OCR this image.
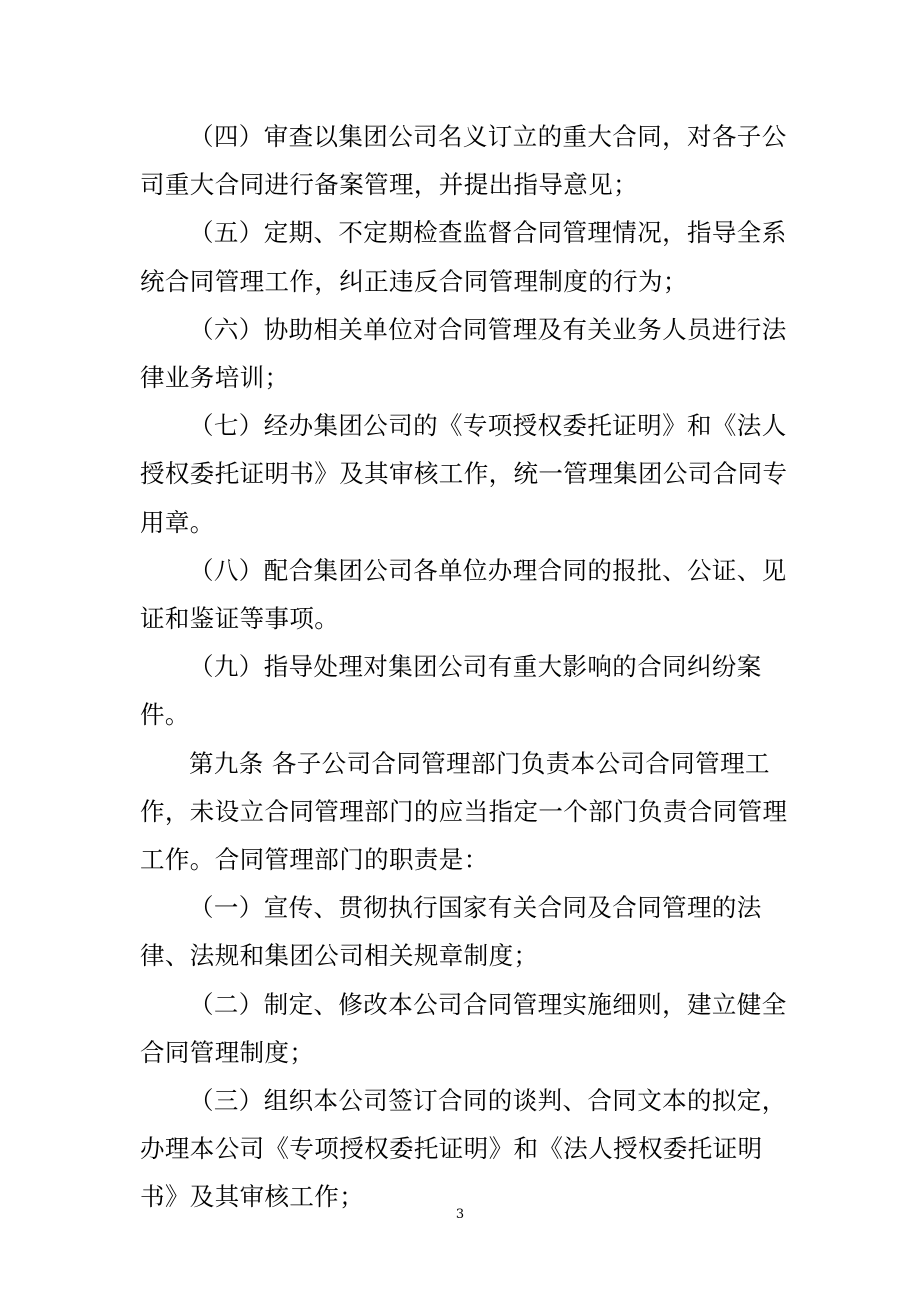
（四）审查以集团公司名义订立的重大合同，对各子公司重大合同进行备案管理，并提出指导意见；

（五）定期、不定期检查监督合同管理情况，指导全系统合同管理工作，纠正违反合同管理制度的行为；

（六）协助相关单位对合同管理及有关业务人员进行法律业务培训；

（七）经办集团公司的《专项授权委托证明》和《法人授权委托证明书》及其审核工作，统一管理集团公司合同专用章。

（八）配合集团公司各单位办理合同的报批、公证、见证和鉴证等事项。

（九）指导处理对集团公司有重大影响的合同纠纷案件。

第九条 各子公司合同管理部门负责本公司合同管理工作，未设立合同管理部门的应当指定一个部门负责合同管理工作。合同管理部门的职责是：

（一）宣传、贯彻执行国家有关合同及合同管理的法律、法规和集团公司相关规章制度；

（二）制定、修改本公司合同管理实施细则，建立健全合同管理制度；

（三）组织本公司签订合同的谈判、合同文本的拟定，办理本公司《专项授权委托证明》和《法人授权委托证明书》及其审核工作；

3
